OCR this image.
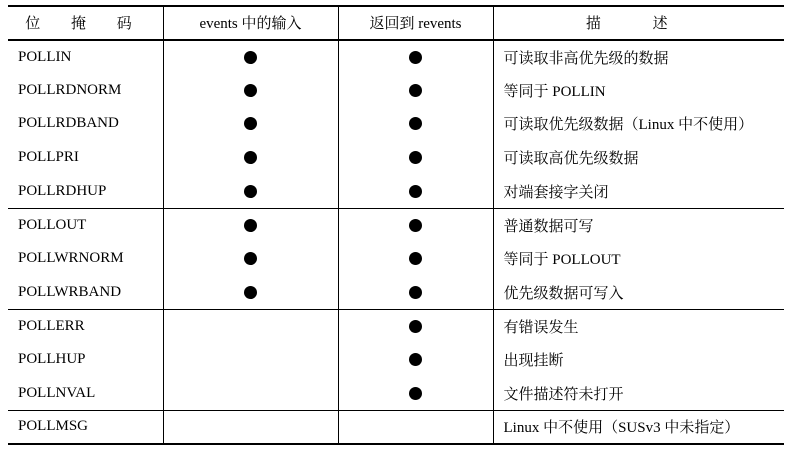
位 掩 码	events 中的输入	返回到 revents	描 述
POLLIN			可读取非高优先级的数据
POLLRDNORM			等同于 POLLIN
POLLRDBAND			可读取优先级数据（Linux 中不使用）
POLLPRI			可读取高优先级数据
POLLRDHUP			对端套接字关闭
POLLOUT			普通数据可写
POLLWRNORM			等同于 POLLOUT
POLLWRBAND			优先级数据可写入
POLLERR			有错误发生
POLLHUP			出现挂断
POLLNVAL			文件描述符未打开
POLLMSG			Linux 中不使用（SUSv3 中未指定）
